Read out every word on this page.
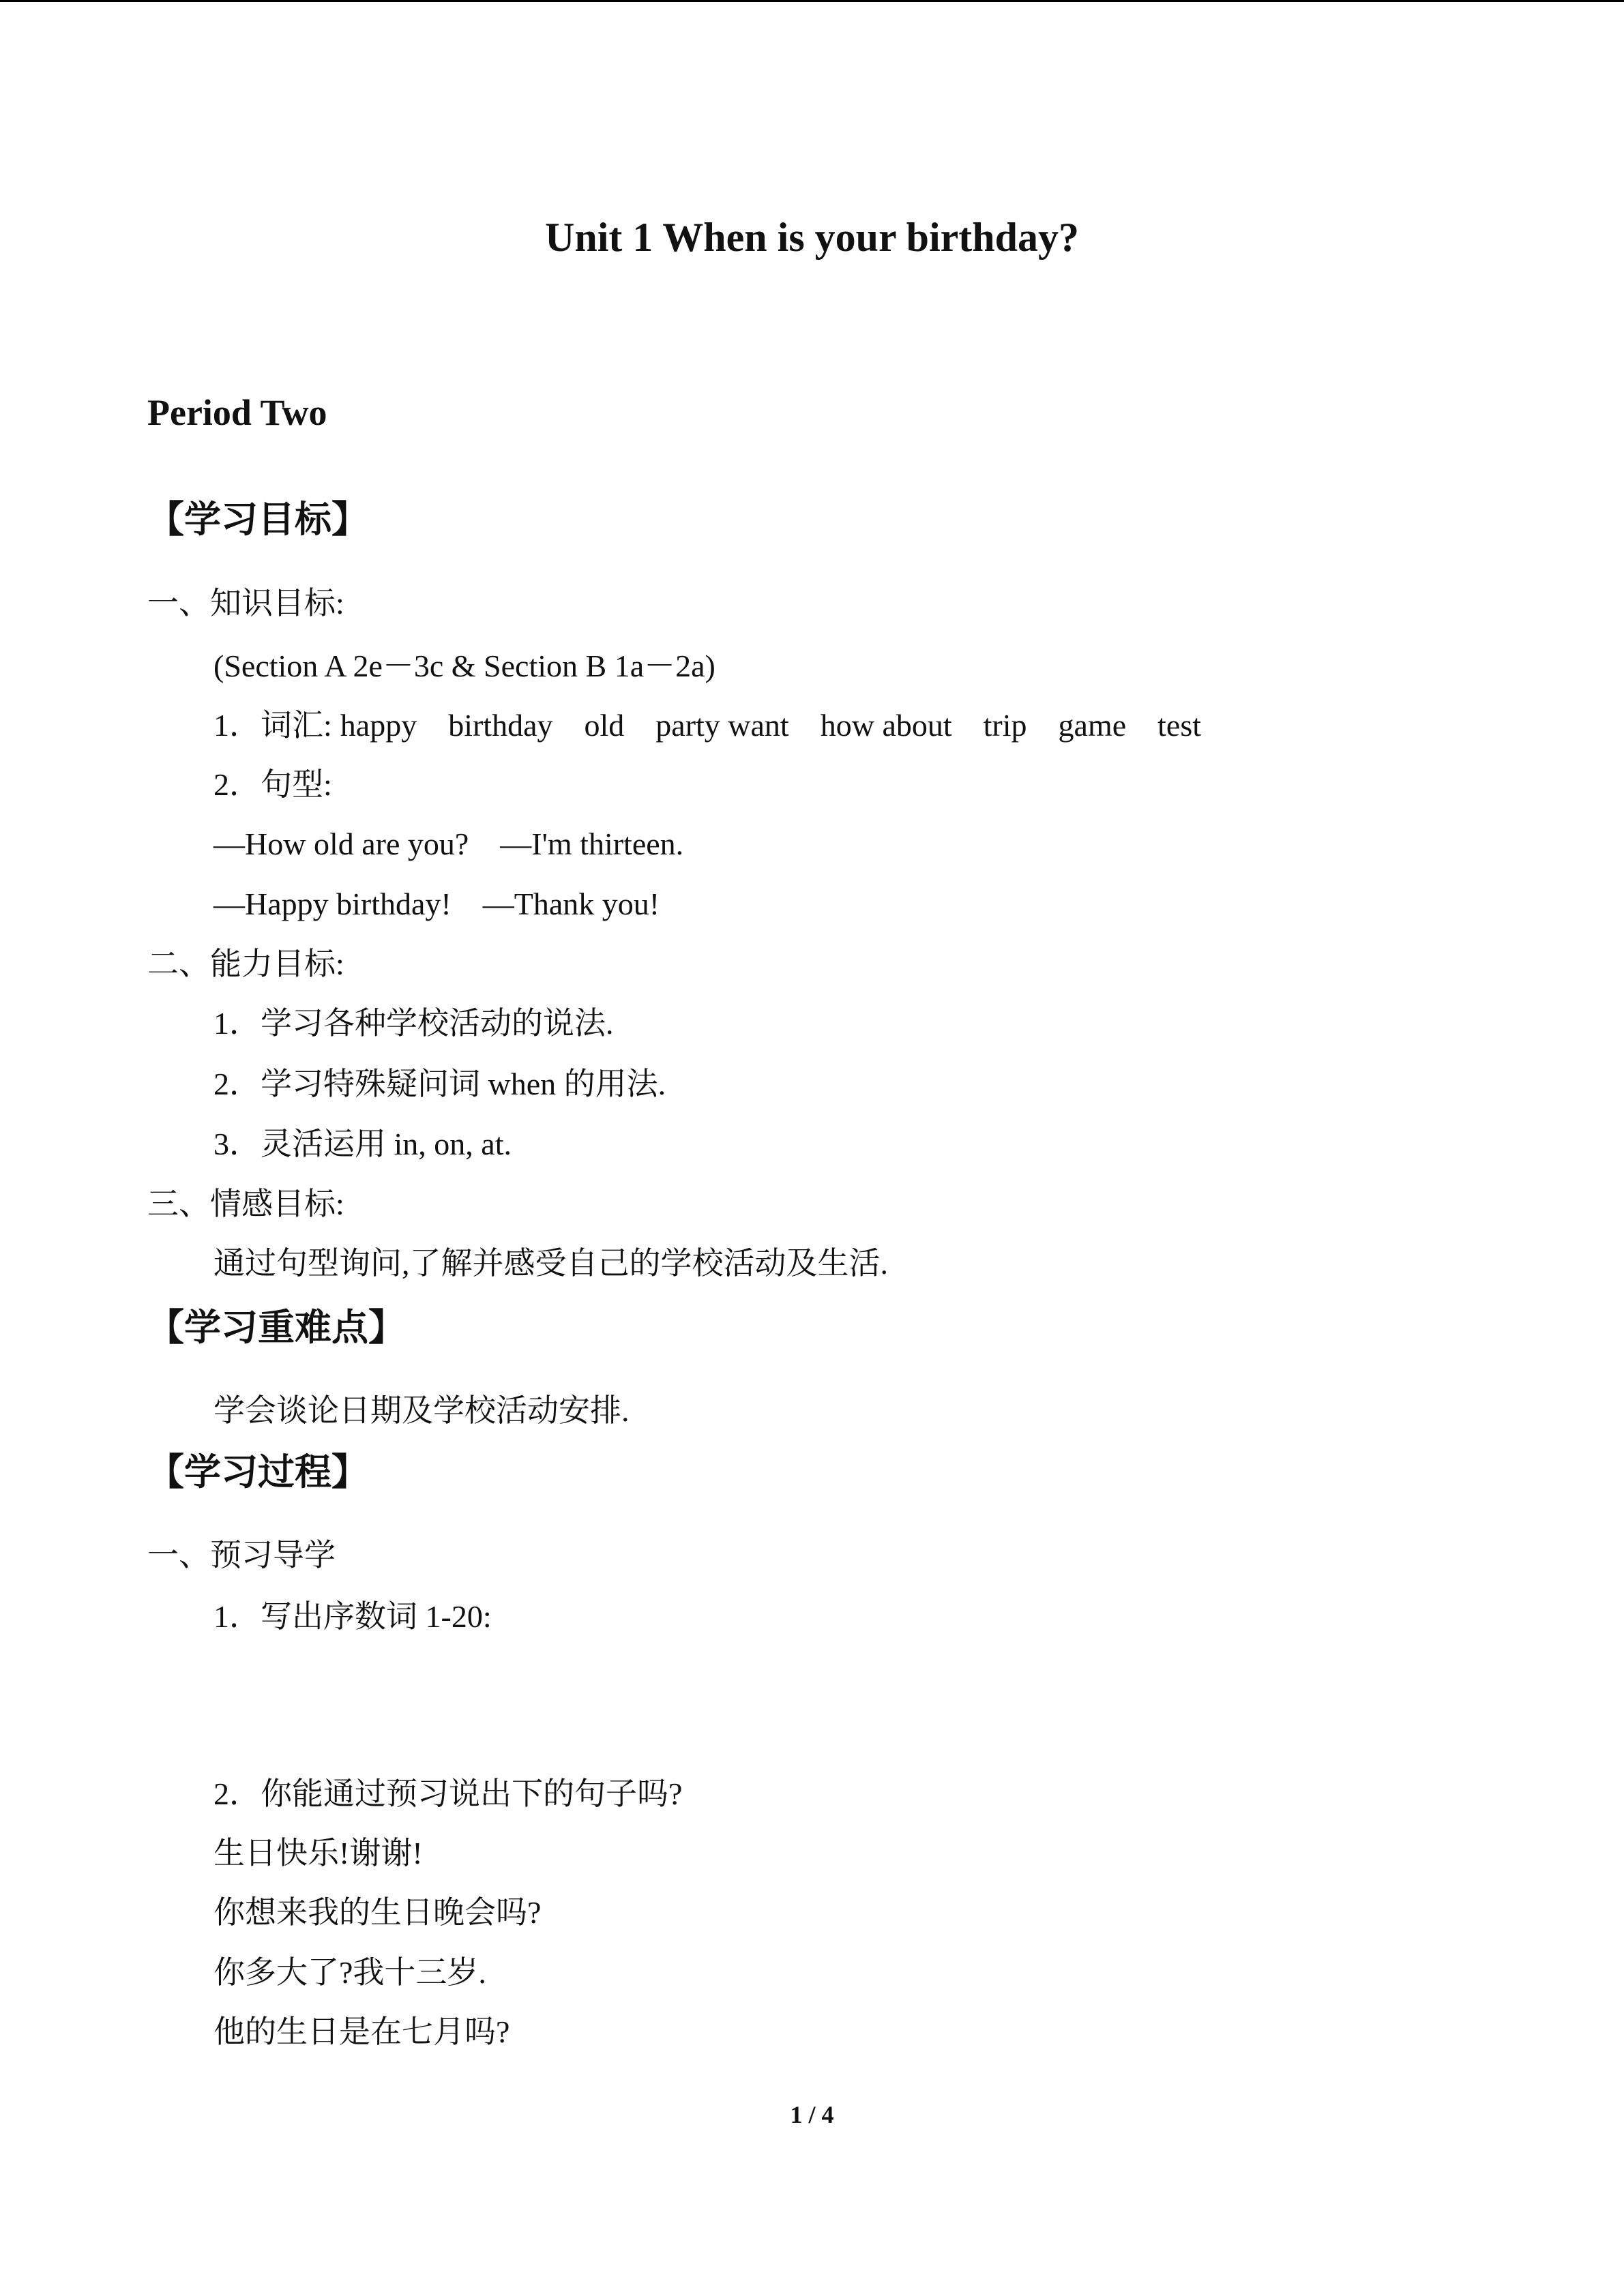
Unit 1 When is your birthday?
Period Two
【学习目标】
一、知识目标:
(Section A 2e－3c & Section B 1a－2a)
1．词汇: happy birthday old party want how about trip game test
2．句型:
—How old are you?　—I'm thirteen.
—Happy birthday!　—Thank you!
二、能力目标:
1．学习各种学校活动的说法.
2．学习特殊疑问词 when 的用法.
3．灵活运用 in, on, at.
三、情感目标:
通过句型询问,了解并感受自己的学校活动及生活.
【学习重难点】
学会谈论日期及学校活动安排.
【学习过程】
一、预习导学
1．写出序数词 1-20:
2．你能通过预习说出下的句子吗?
生日快乐!谢谢!
你想来我的生日晚会吗?
你多大了?我十三岁.
他的生日是在七月吗?
1 / 4
